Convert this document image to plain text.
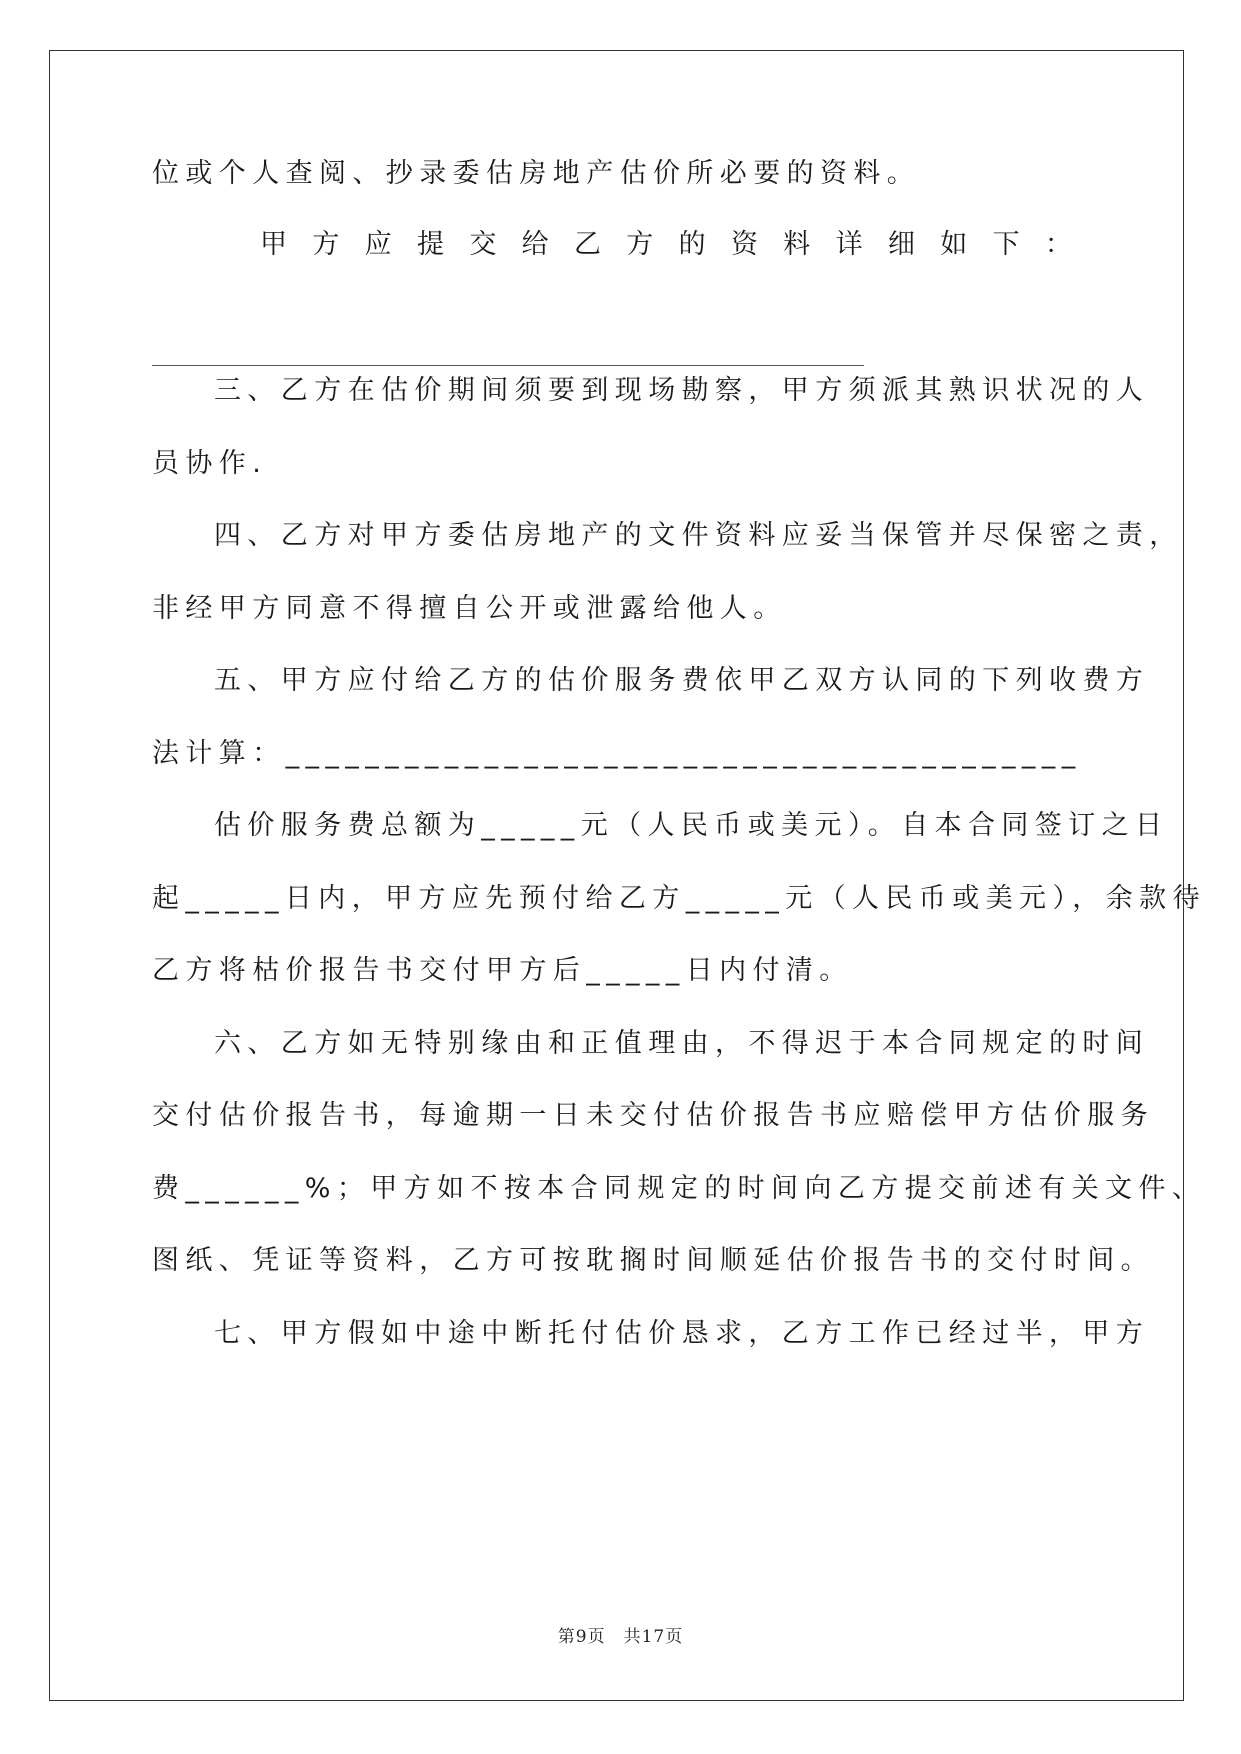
位或个人查阅、抄录委估房地产估价所必要的资料。
甲 方 应 提 交 给 乙 方 的 资 料 详 细 如 下 ：
三、乙方在估价期间须要到现场勘察，甲方须派其熟识状况的人
员协作.
四、乙方对甲方委估房地产的文件资料应妥当保管并尽保密之责，
非经甲方同意不得擅自公开或泄露给他人。
五、甲方应付给乙方的估价服务费依甲乙双方认同的下列收费方
法计算：________________________________________
估价服务费总额为_____元（人民币或美元）。自本合同签订之日
起_____日内，甲方应先预付给乙方_____元（人民币或美元），余款待
乙方将枯价报告书交付甲方后_____日内付清。
六、乙方如无特别缘由和正值理由，不得迟于本合同规定的时间
交付估价报告书，每逾期一日未交付估价报告书应赔偿甲方估价服务
费______%；甲方如不按本合同规定的时间向乙方提交前述有关文件、
图纸、凭证等资料，乙方可按耽搁时间顺延估价报告书的交付时间。
七、甲方假如中途中断托付估价恳求，乙方工作已经过半，甲方
第9页　共17页
